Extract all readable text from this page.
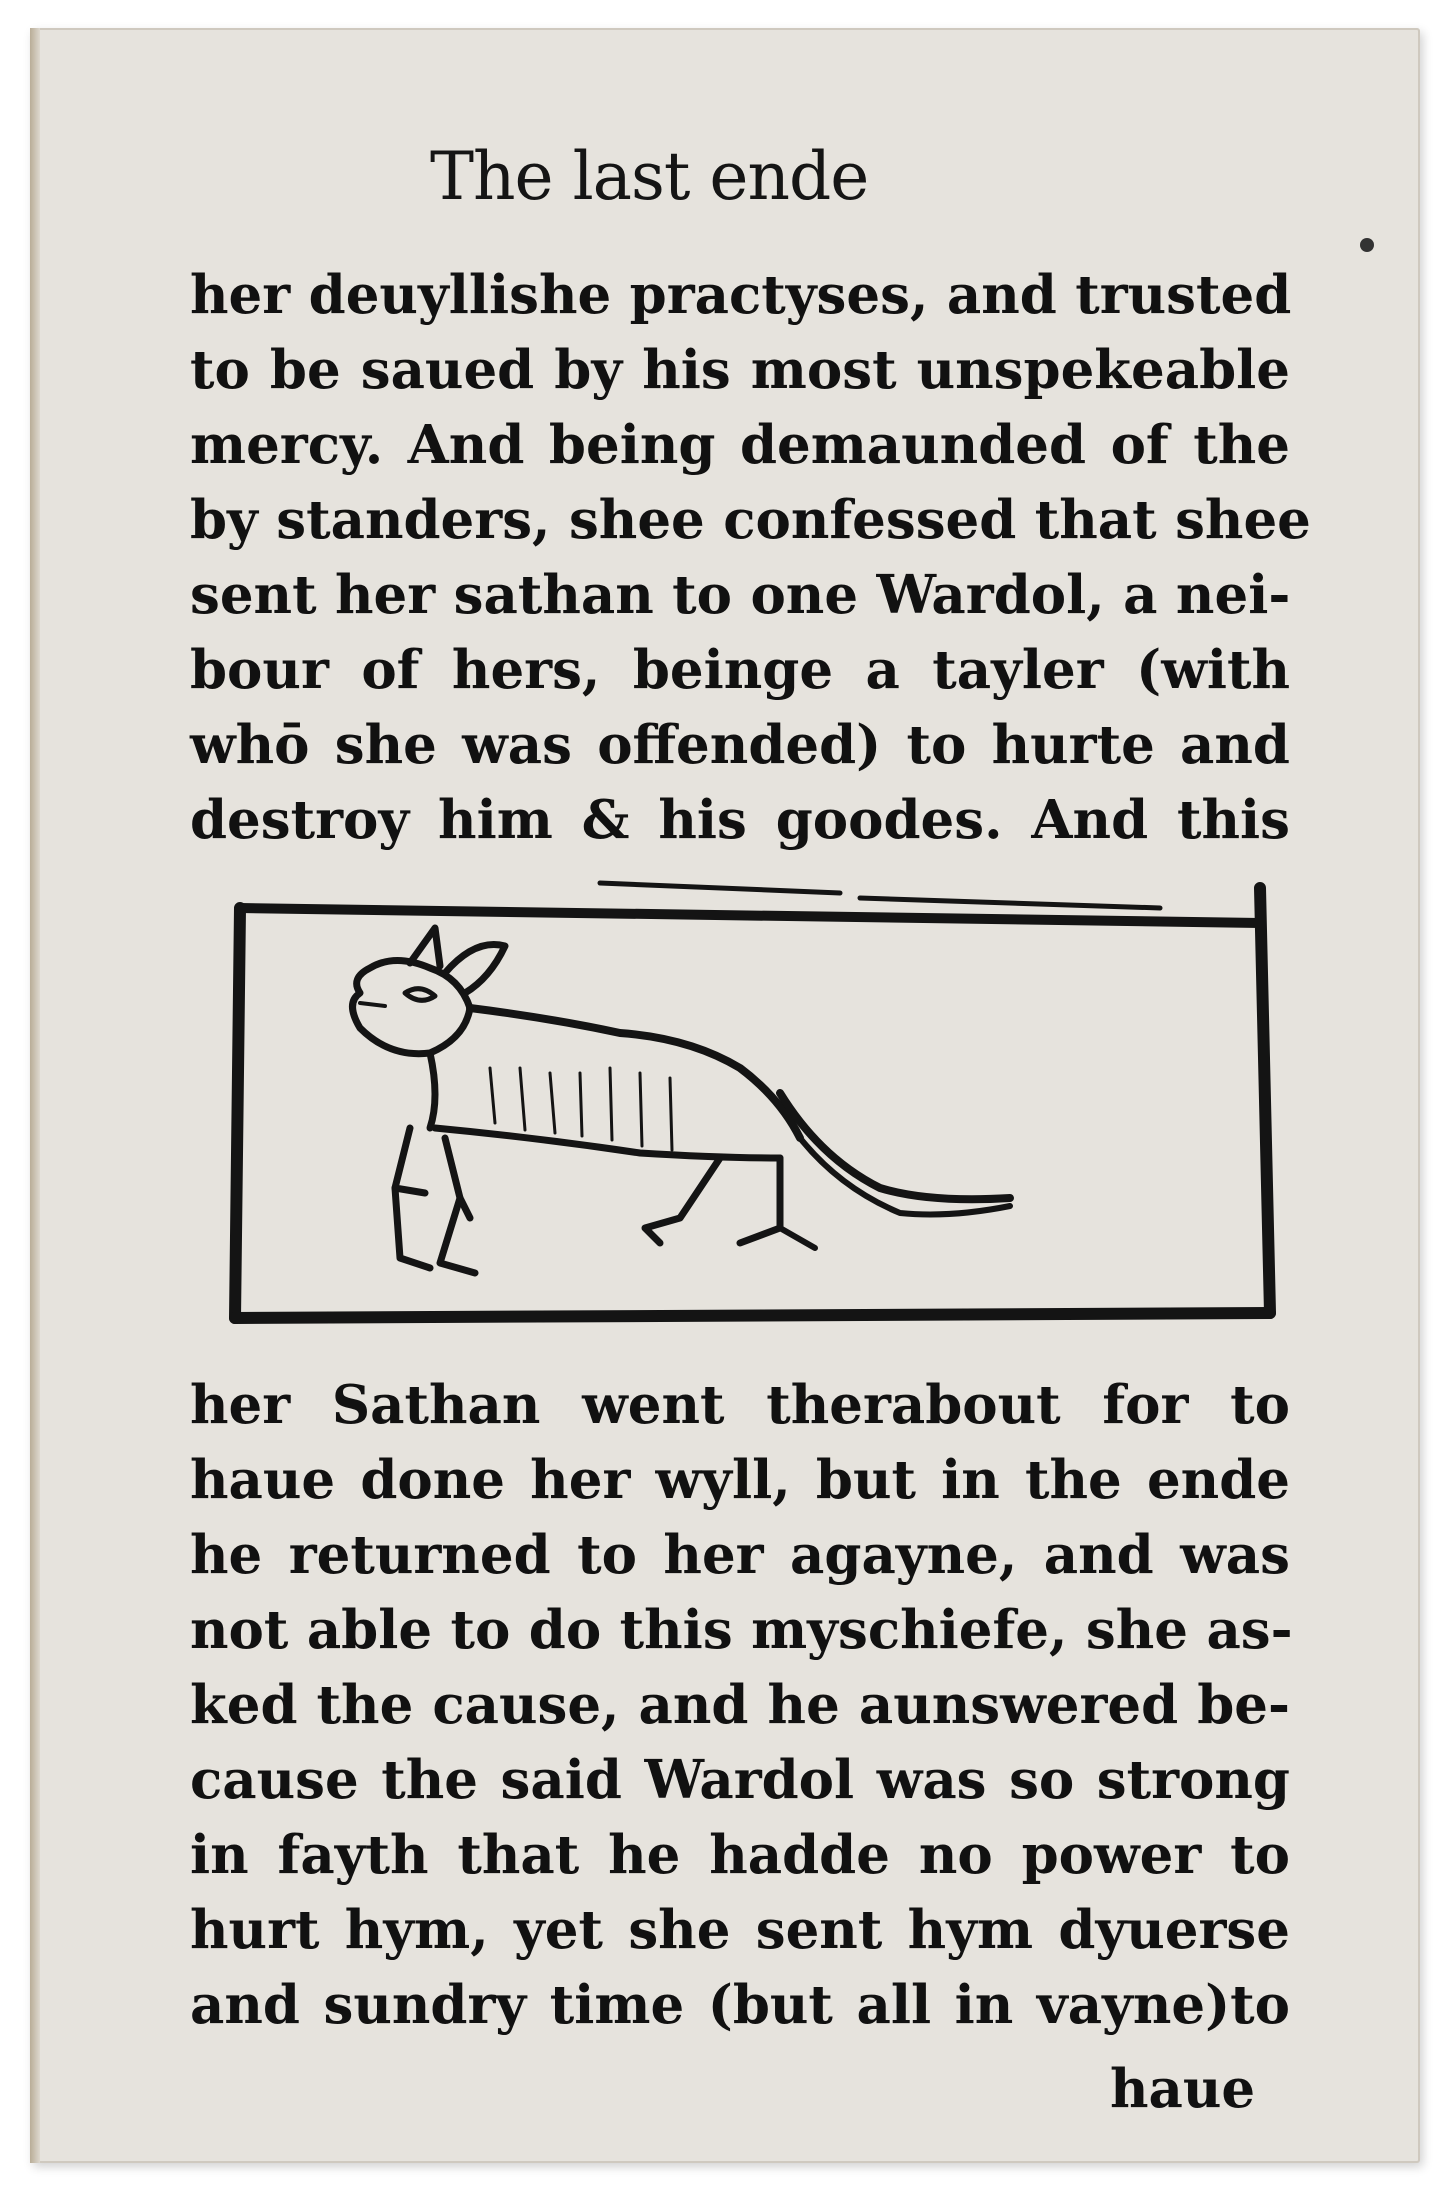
The last ende
her deuyllishe practyses, and trusted
to be saued by his most unspekeable
mercy. And being demaunded of the
by standers, shee confessed that shee
sent her sathan to one Wardol, a nei-
bour of hers, beinge a tayler (with
whō she was offended) to hurte and
destroy him & his goodes. And this
her Sathan went therabout for to
haue done her wyll, but in the ende
he returned to her agayne, and was
not able to do this myschiefe, she as-
ked the cause, and he aunswered be-
cause the said Wardol was so strong
in fayth that he hadde no power to
hurt hym, yet she sent hym dyuerse
and sundry time (but all in vayne)to
haue
